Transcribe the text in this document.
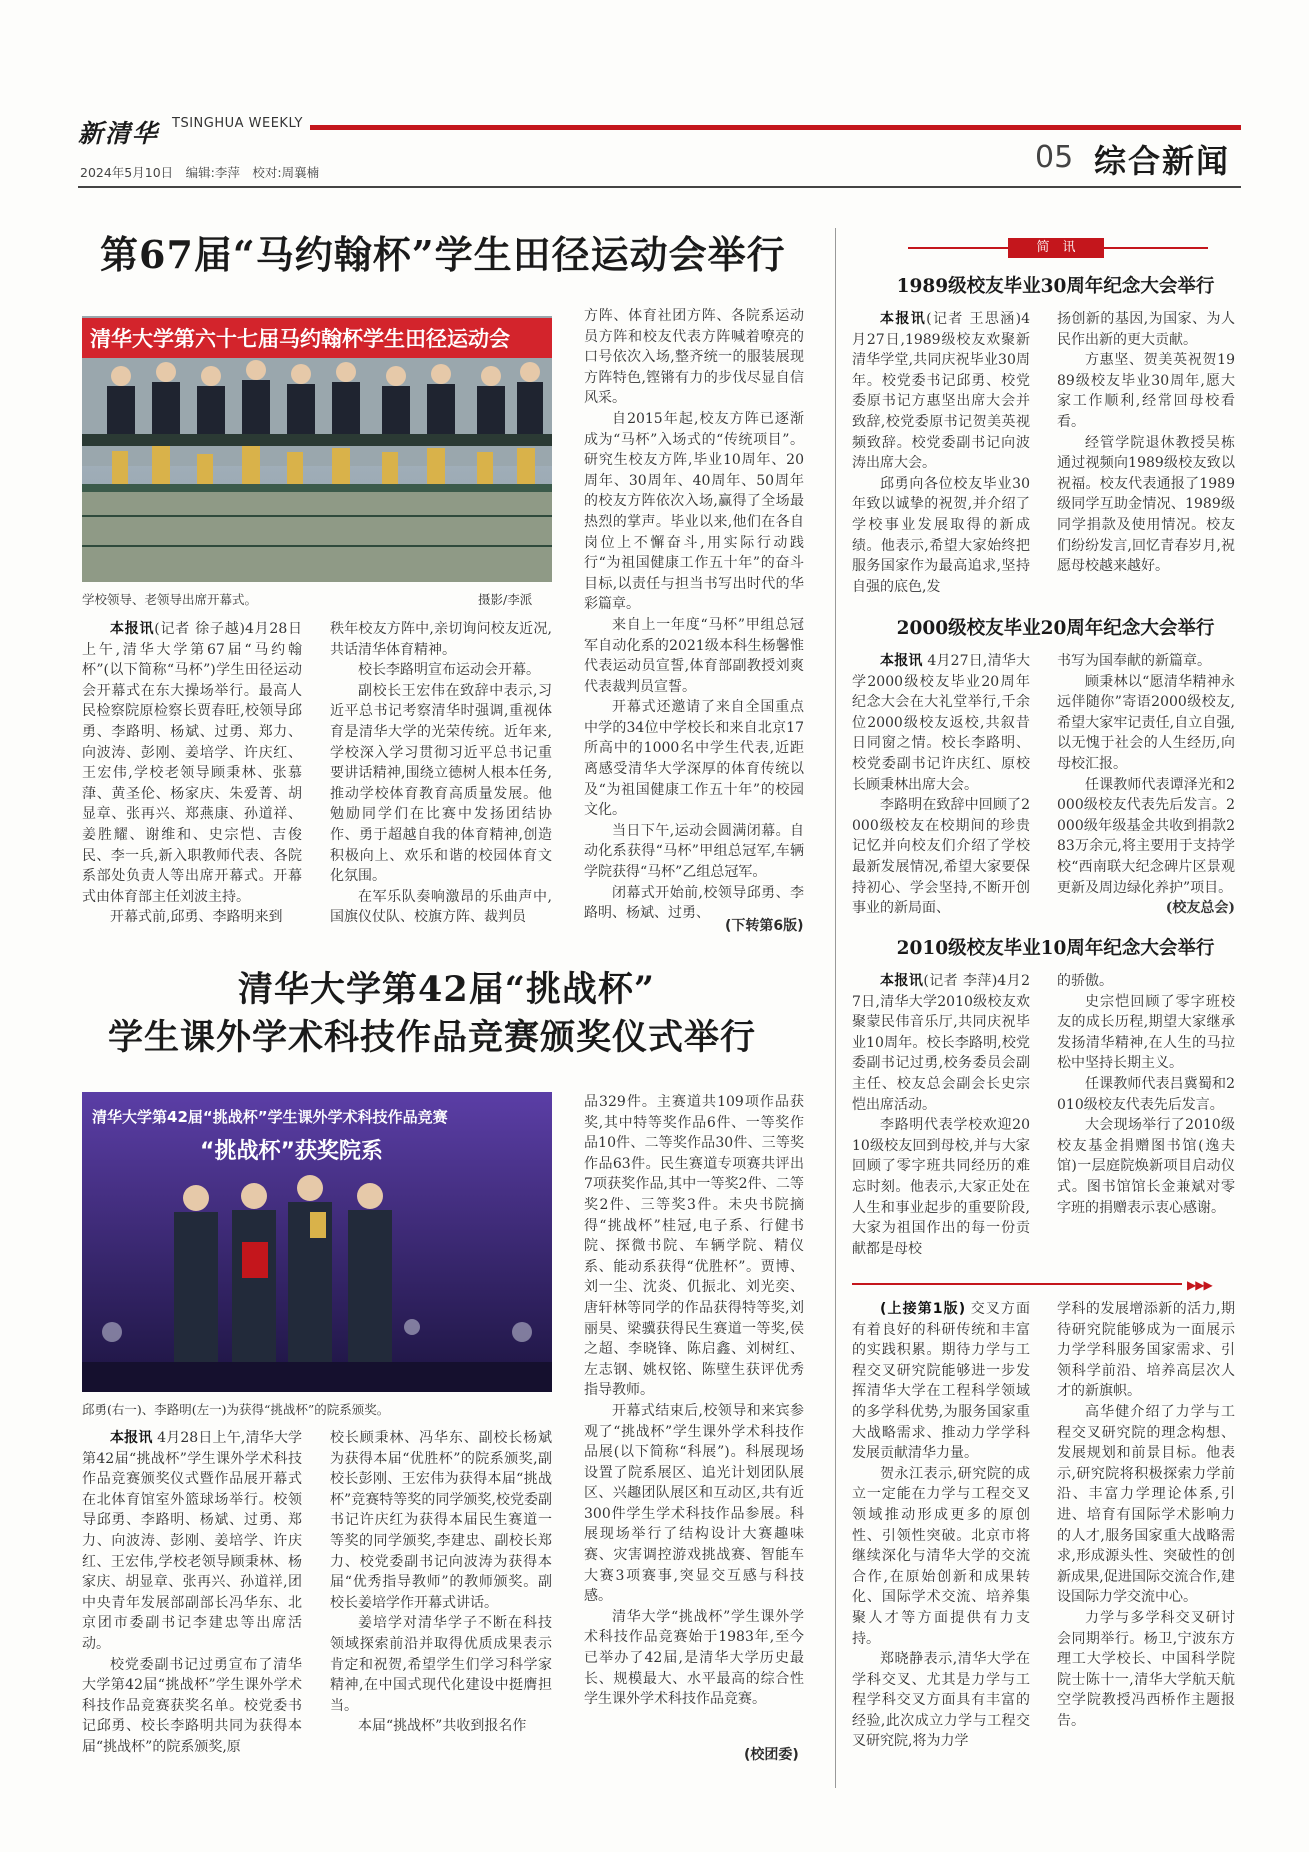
新清华 TSINGHUA WEEKLY
2024年5月10日　编辑:李萍　校对:周襄楠	05 综合新闻
第67届“马约翰杯”学生田径运动会举行
清华大学第六十七届马约翰杯学生田径运动会
学校领导、老领导出席开幕式。	摄影/李派

本报讯(记者 徐子越)4月28日上午,清华大学第67届“马约翰杯”(以下简称“马杯”)学生田径运动会开幕式在东大操场举行。最高人民检察院原检察长贾春旺,校领导邱勇、李路明、杨斌、过勇、郑力、向波涛、彭刚、姜培学、许庆红、王宏伟,学校老领导顾秉林、张慕葏、黄圣伦、杨家庆、朱爱菁、胡显章、张再兴、郑燕康、孙道祥、姜胜耀、谢维和、史宗恺、吉俊民、李一兵,新入职教师代表、各院系部处负责人等出席开幕式。开幕式由体育部主任刘波主持。

开幕式前,邱勇、李路明来到

秩年校友方阵中,亲切询问校友近况,共话清华体育精神。

校长李路明宣布运动会开幕。

副校长王宏伟在致辞中表示,习近平总书记考察清华时强调,重视体育是清华大学的光荣传统。近年来,学校深入学习贯彻习近平总书记重要讲话精神,围绕立德树人根本任务,推动学校体育教育高质量发展。他勉励同学们在比赛中发扬团结协作、勇于超越自我的体育精神,创造积极向上、欢乐和谐的校园体育文化氛围。

在军乐队奏响激昂的乐曲声中,国旗仪仗队、校旗方阵、裁判员

方阵、体育社团方阵、各院系运动员方阵和校友代表方阵喊着嘹亮的口号依次入场,整齐统一的服装展现方阵特色,铿锵有力的步伐尽显自信风采。

自2015年起,校友方阵已逐渐成为“马杯”入场式的“传统项目”。研究生校友方阵,毕业10周年、20周年、30周年、40周年、50周年的校友方阵依次入场,赢得了全场最热烈的掌声。毕业以来,他们在各自岗位上不懈奋斗,用实际行动践行“为祖国健康工作五十年”的奋斗目标,以责任与担当书写出时代的华彩篇章。

来自上一年度“马杯”甲组总冠军自动化系的2021级本科生杨馨惟代表运动员宣誓,体育部副教授刘爽代表裁判员宣誓。

开幕式还邀请了来自全国重点中学的34位中学校长和来自北京17所高中的1000名中学生代表,近距离感受清华大学深厚的体育传统以及“为祖国健康工作五十年”的校园文化。

当日下午,运动会圆满闭幕。自动化系获得“马杯”甲组总冠军,车辆学院获得“马杯”乙组总冠军。

闭幕式开始前,校领导邱勇、李路明、杨斌、过勇、

(下转第6版)
清华大学第42届“挑战杯”
学生课外学术科技作品竞赛颁奖仪式举行
清华大学第42届“挑战杯”学生课外学术科技作品竞赛
“挑战杯”获奖院系
邱勇(右一)、李路明(左一)为获得“挑战杯”的院系颁奖。

本报讯 4月28日上午,清华大学第42届“挑战杯”学生课外学术科技作品竞赛颁奖仪式暨作品展开幕式在北体育馆室外篮球场举行。校领导邱勇、李路明、杨斌、过勇、郑力、向波涛、彭刚、姜培学、许庆红、王宏伟,学校老领导顾秉林、杨家庆、胡显章、张再兴、孙道祥,团中央青年发展部副部长冯华东、北京团市委副书记李建忠等出席活动。

校党委副书记过勇宣布了清华大学第42届“挑战杯”学生课外学术科技作品竞赛获奖名单。校党委书记邱勇、校长李路明共同为获得本届“挑战杯”的院系颁奖,原

校长顾秉林、冯华东、副校长杨斌为获得本届“优胜杯”的院系颁奖,副校长彭刚、王宏伟为获得本届“挑战杯”竞赛特等奖的同学颁奖,校党委副书记许庆红为获得本届民生赛道一等奖的同学颁奖,李建忠、副校长郑力、校党委副书记向波涛为获得本届“优秀指导教师”的教师颁奖。副校长姜培学作开幕式讲话。

姜培学对清华学子不断在科技领域探索前沿并取得优质成果表示肯定和祝贺,希望学生们学习科学家精神,在中国式现代化建设中挺膺担当。

本届“挑战杯”共收到报名作

品329件。主赛道共109项作品获奖,其中特等奖作品6件、一等奖作品10件、二等奖作品30件、三等奖作品63件。民生赛道专项赛共评出7项获奖作品,其中一等奖2件、二等奖2件、三等奖3件。未央书院摘得“挑战杯”桂冠,电子系、行健书院、探微书院、车辆学院、精仪系、能动系获得“优胜杯”。贾博、刘一尘、沈炎、仉振北、刘光奕、唐轩林等同学的作品获得特等奖,刘丽昊、梁骥获得民生赛道一等奖,侯之超、李晓锋、陈启鑫、刘树红、左志钢、姚权铭、陈壁生获评优秀指导教师。

开幕式结束后,校领导和来宾参观了“挑战杯”学生课外学术科技作品展(以下简称“科展”)。科展现场设置了院系展区、追光计划团队展区、兴趣团队展区和互动区,共有近300件学生学术科技作品参展。科展现场举行了结构设计大赛趣味赛、灾害调控游戏挑战赛、智能车大赛3项赛事,突显交互感与科技感。

清华大学“挑战杯”学生课外学术科技作品竞赛始于1983年,至今已举办了42届,是清华大学历史最长、规模最大、水平最高的综合性学生课外学术科技作品竞赛。

(校团委)
简　讯
1989级校友毕业30周年纪念大会举行

本报讯(记者 王思涵)4月27日,1989级校友欢聚新清华学堂,共同庆祝毕业30周年。校党委书记邱勇、校党委原书记方惠坚出席大会并致辞,校党委原书记贺美英视频致辞。校党委副书记向波涛出席大会。

邱勇向各位校友毕业30年致以诚挚的祝贺,并介绍了学校事业发展取得的新成绩。他表示,希望大家始终把服务国家作为最高追求,坚持自强的底色,发

扬创新的基因,为国家、为人民作出新的更大贡献。

方惠坚、贺美英祝贺1989级校友毕业30周年,愿大家工作顺利,经常回母校看看。

经管学院退休教授吴栋通过视频向1989级校友致以祝福。校友代表通报了1989级同学互助金情况、1989级同学捐款及使用情况。校友们纷纷发言,回忆青春岁月,祝愿母校越来越好。

2000级校友毕业20周年纪念大会举行

本报讯 4月27日,清华大学2000级校友毕业20周年纪念大会在大礼堂举行,千余位2000级校友返校,共叙昔日同窗之情。校长李路明、校党委副书记许庆红、原校长顾秉林出席大会。

李路明在致辞中回顾了2000级校友在校期间的珍贵记忆并向校友们介绍了学校最新发展情况,希望大家要保持初心、学会坚持,不断开创事业的新局面、

书写为国奉献的新篇章。

顾秉林以“愿清华精神永远伴随你”寄语2000级校友,希望大家牢记责任,自立自强,以无愧于社会的人生经历,向母校汇报。

任课教师代表谭泽光和2000级校友代表先后发言。2000级年级基金共收到捐款283万余元,将主要用于支持学校“西南联大纪念碑片区景观更新及周边绿化养护”项目。

(校友总会)
2010级校友毕业10周年纪念大会举行

本报讯(记者 李萍)4月27日,清华大学2010级校友欢聚蒙民伟音乐厅,共同庆祝毕业10周年。校长李路明,校党委副书记过勇,校务委员会副主任、校友总会副会长史宗恺出席活动。

李路明代表学校欢迎2010级校友回到母校,并与大家回顾了零字班共同经历的难忘时刻。他表示,大家正处在人生和事业起步的重要阶段,大家为祖国作出的每一份贡献都是母校

的骄傲。

史宗恺回顾了零字班校友的成长历程,期望大家继承发扬清华精神,在人生的马拉松中坚持长期主义。

任课教师代表吕冀蜀和2010级校友代表先后发言。

大会现场举行了2010级校友基金捐赠图书馆(逸夫馆)一层庭院焕新项目启动仪式。图书馆馆长金兼斌对零字班的捐赠表示衷心感谢。

▶▶▶

(上接第1版) 交叉方面有着良好的科研传统和丰富的实践积累。期待力学与工程交叉研究院能够进一步发挥清华大学在工程科学领域的多学科优势,为服务国家重大战略需求、推动力学学科发展贡献清华力量。

贺永江表示,研究院的成立一定能在力学与工程交叉领域推动形成更多的原创性、引领性突破。北京市将继续深化与清华大学的交流合作,在原始创新和成果转化、国际学术交流、培养集聚人才等方面提供有力支持。

郑晓静表示,清华大学在学科交叉、尤其是力学与工程学科交叉方面具有丰富的经验,此次成立力学与工程交叉研究院,将为力学

学科的发展增添新的活力,期待研究院能够成为一面展示力学学科服务国家需求、引领科学前沿、培养高层次人才的新旗帜。

高华健介绍了力学与工程交叉研究院的理念构想、发展规划和前景目标。他表示,研究院将积极探索力学前沿、丰富力学理论体系,引进、培育有国际学术影响力的人才,服务国家重大战略需求,形成源头性、突破性的创新成果,促进国际交流合作,建设国际力学交流中心。

力学与多学科交叉研讨会同期举行。杨卫,宁波东方理工大学校长、中国科学院院士陈十一,清华大学航天航空学院教授冯西桥作主题报告。
